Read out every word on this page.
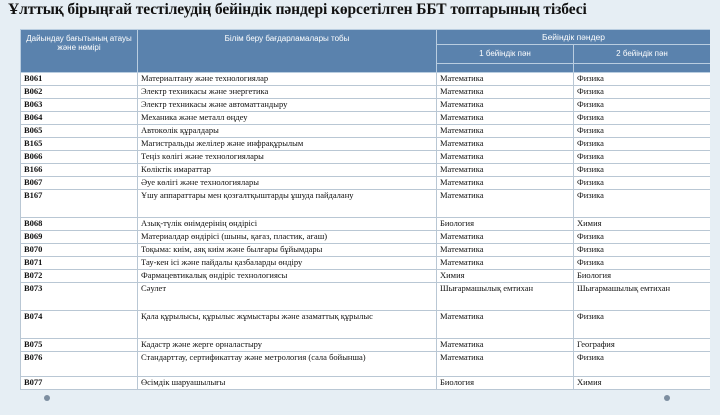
Ұлттық бірыңғай тестілеудің бейіндік пәндері көрсетілген ББТ топтарының тізбесі
Дайындау бағытының атауы және нөмірі	Білім беру бағдарламалары тобы	Бейіндік пәндер	
		1 бейіндік пән	2 бейіндік пән

В061	Материалтану және технологиялар	Математика	Физика
В062	Электр техникасы және энергетика	Математика	Физика
В063	Электр техникасы және автоматтандыру	Математика	Физика
В064	Механика және металл өңдеу	Математика	Физика
В065	Автокөлік құралдары	Математика	Физика
В165	Магистральды желілер және инфрақұрылым	Математика	Физика
В066	Теңіз көлігі және технологиялары	Математика	Физика
В166	Көліктік имараттар	Математика	Физика
В067	Әуе көлігі және технологиялары	Математика	Физика
В167	Ұшу аппараттары мен қозғалтқыштарды ұшуда пайдалану	Математика	Физика
В068	Азық-түлік өнімдерінің өндірісі	Биология	Химия
В069	Материалдар өндірісі (шыны, қағаз, пластик, ағаш)	Математика	Физика
В070	Тоқыма: киім, аяқ киім және былғары бұйымдары	Математика	Физика
В071	Тау-кен ісі және пайдалы қазбаларды өндіру	Математика	Физика
В072	Фармацевтикалық өндіріс технологиясы	Химия	Биология
В073	Сәулет	Шығармашылық емтихан	Шығармашылық емтихан
В074	Қала құрылысы, құрылыс жұмыстары және азаматтық құрылыс	Математика	Физика
В075	Кадастр және жерге орналастыру	Математика	География
В076	Стандарттау, сертификаттау және метрология (сала бойынша)	Математика	Физика
В077	Өсімдік шаруашылығы	Биология	Химия
